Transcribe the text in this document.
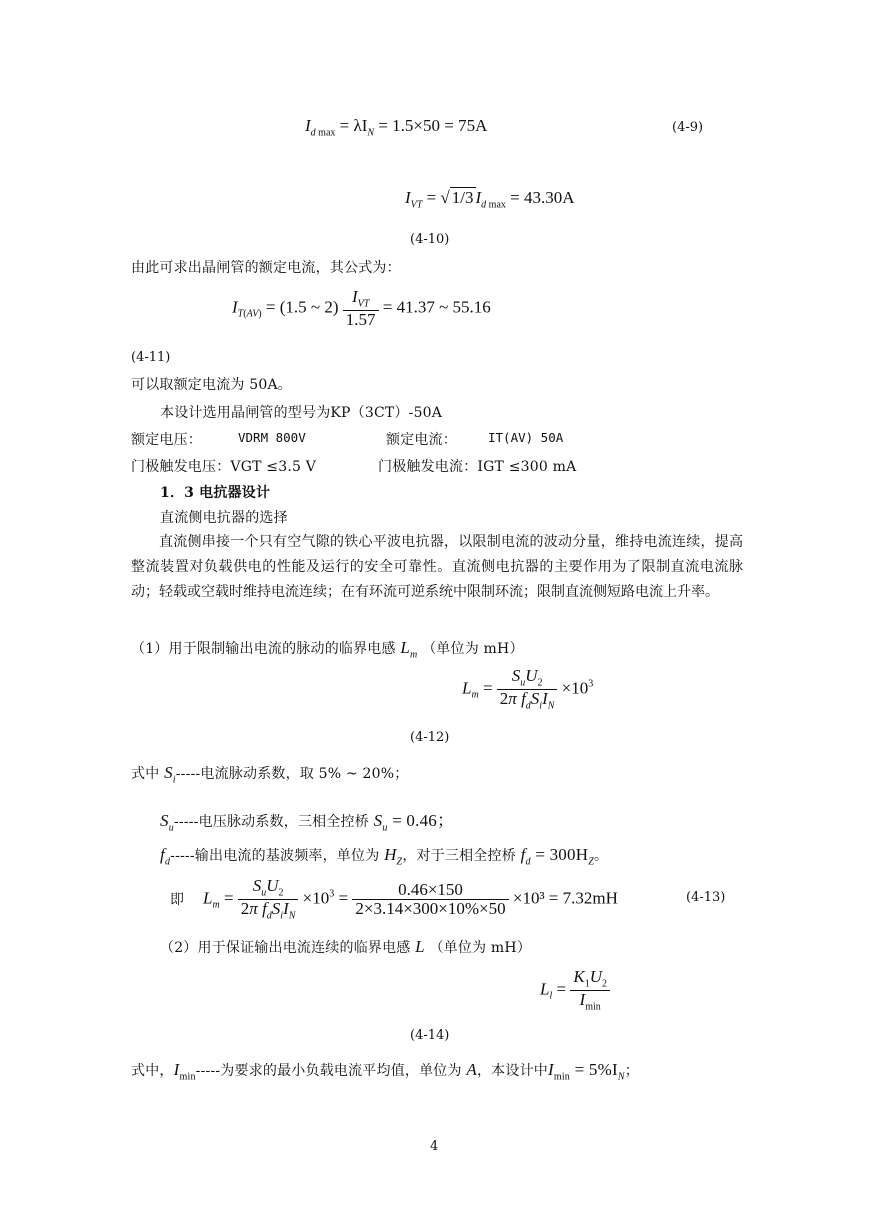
$I_{d max} = \lambda I_N = 1.5\times 50 = 75A$	(4-9)
$I_{VT}$ = √ 1/3 $I_{d max} = 43.30A$
(4-10)
由此可求出晶闸管的额定电流，其公式为：
$I_{T(AV)} = (1.5$ ~ $2) \frac{I_{VT}}{1.57} = 41.37$ ~ 55.16
(4-11)
可以取额定电流为 50A。
本设计选用晶闸管的型号为KP（3CT）-50A
额定电压：	VDRM 800V	额定电流： IT(AV) 50A
门极触发电压：VGT ≤3.5 V	门极触发电流：IGT ≤300 mA
1．3 电抗器设计
直流侧电抗器的选择
直流侧串接一个只有空气隙的铁心平波电抗器，以限制电流的波动分量，维持电流连续，提高整流装置对负载供电的性能及运行的安全可靠性。直流侧电抗器的主要作用为了限制直流电流脉动；轻载或空载时维持电流连续；在有环流可逆系统中限制环流；限制直流侧短路电流上升率。
（1）用于限制输出电流的脉动的临界电感 $L_m$ （单位为 mH）
$L_m = \frac{S_uU_2}{2\pi f_dS_iI_N} \times 10^3$
(4-12)
式中 $S_i-----$电流脉动系数，取 5% ~ 20%；
$S_u-----$电压脉动系数，三相全控桥 $S_u = 0.46$；
$f_d-----$输出电流的基波频率，单位为 $H_Z$，对于三相全控桥 $f_d = 300H_Z$。
即 $L_m = \frac{S_uU_2}{2\pi f_dS_iI_N} \times 10^3 = \frac{0.46\times 150}{2\times 3.14\times 300\times 10\%\times 50} \times 10^3 = 7.32mH$	(4-13)
（2）用于保证输出电流连续的临界电感 L （单位为 mH）
$L_l = \frac{K_1U_2}{I_{min}}$
(4-14)
式中，$I_{min}-----$为要求的最小负载电流平均值，单位为 A，本设计中$I_{min} = 5\%I_N$；
4
